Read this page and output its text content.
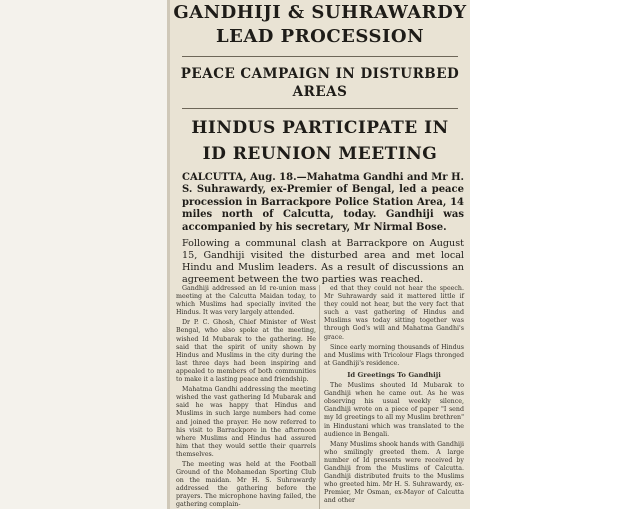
GANDHIJI & SUHRAWARDY
LEAD PROCESSION
PEACE CAMPAIGN IN DISTURBED
AREAS
HINDUS PARTICIPATE IN
ID REUNION MEETING

CALCUTTA, Aug. 18.—Mahatma Gandhi and Mr H. S. Suhrawardy, ex-Premier of Bengal, led a peace procession in Barrackpore Police Station Area, 14 miles north of Calcutta, today. Gandhiji was accompanied by his secretary, Mr Nirmal Bose.

Following a communal clash at Barrackpore on August 15, Gandhiji visited the disturbed area and met local Hindu and Muslim leaders. As a result of discussions an agreement between the two parties was reached.

Gandhiji addressed an Id re-union mass meeting at the Calcutta Maidan today, to which Muslims had specially invited the Hindus. It was very largely attended.

Dr P. C. Ghosh, Chief Minister of West Bengal, who also spoke at the meeting, wished Id Mubarak to the gathering. He said that the spirit of unity shown by Hindus and Muslims in the city during the last three days had been inspiring and appealed to members of both communities to make it a lasting peace and friendship.

Mahatma Gandhi addressing the meeting wished the vast gathering Id Mubarak and said he was happy that Hindus and Muslims in such large numbers had come and joined the prayer. He now referred to his visit to Barrackpore in the afternoon where Muslims and Hindus had assured him that they would settle their quarrels themselves.

The meeting was held at the Football Ground of the Mohamedan Sporting Club on the maidan. Mr H. S. Suhrawardy addressed the gathering before the prayers. The microphone having failed, the gathering complain-

ed that they could not hear the speech. Mr Suhrawardy said it mattered little if they could not hear, but the very fact that such a vast gathering of Hindus and Muslims was today sitting together was through God's will and Mahatma Gandhi's grace.

Since early morning thousands of Hindus and Muslims with Tricolour Flags thronged at Gandhiji's residence.

Id Greetings To Gandhiji

The Muslims shouted Id Mubarak to Gandhiji when he came out. As he was observing his usual weekly silence, Gandhiji wrote on a piece of paper "I send my Id greetings to all my Muslim brethren" in Hindustani which was translated to the audience in Bengali.

Many Muslims shook hands with Gandhiji who smilingly greeted them. A large number of Id presents were received by Gandhiji from the Muslims of Calcutta. Gandhiji distributed fruits to the Muslims who greeted him. Mr H. S. Suhrawardy, ex-Premier, Mr Osman, ex-Mayor of Calcutta and other
